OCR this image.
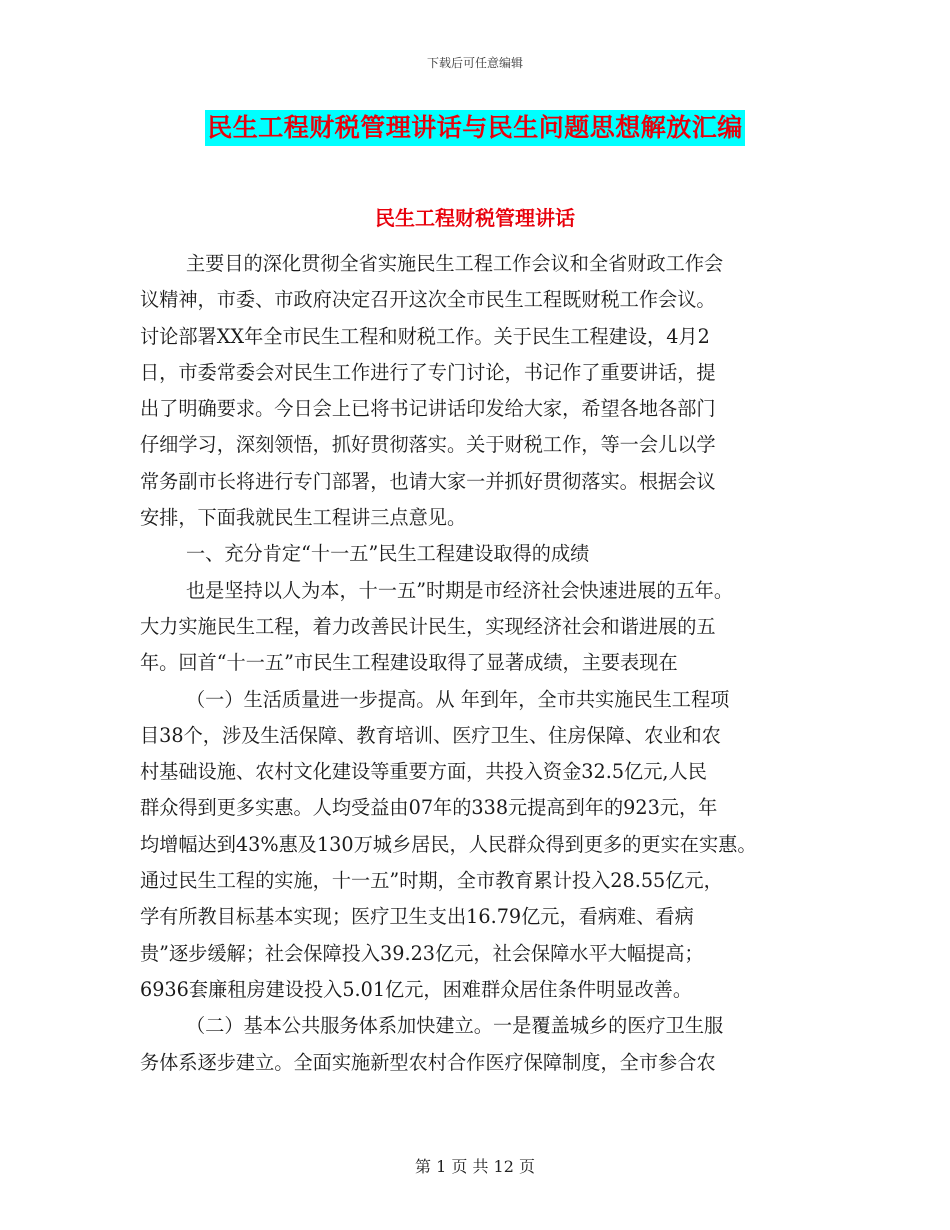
下载后可任意编辑
民生工程财税管理讲话与民生问题思想解放汇编
民生工程财税管理讲话
主要目的深化贯彻全省实施民生工程工作会议和全省财政工作会
议精神，市委、市政府决定召开这次全市民生工程既财税工作会议。
讨论部署XX年全市民生工程和财税工作。关于民生工程建设，4月2
日，市委常委会对民生工作进行了专门讨论，书记作了重要讲话，提
出了明确要求。今日会上已将书记讲话印发给大家，希望各地各部门
仔细学习，深刻领悟，抓好贯彻落实。关于财税工作，等一会儿以学
常务副市长将进行专门部署，也请大家一并抓好贯彻落实。根据会议
安排，下面我就民生工程讲三点意见。
一、充分肯定“十一五”民生工程建设取得的成绩
也是坚持以人为本，十一五”时期是市经济社会快速进展的五年。
大力实施民生工程，着力改善民计民生，实现经济社会和谐进展的五
年。回首“十一五”市民生工程建设取得了显著成绩，主要表现在
（一）生活质量进一步提高。从 年到年，全市共实施民生工程项
目38个，涉及生活保障、教育培训、医疗卫生、住房保障、农业和农
村基础设施、农村文化建设等重要方面，共投入资金32.5亿元,人民
群众得到更多实惠。人均受益由07年的338元提高到年的923元，年
均增幅达到43%惠及130万城乡居民，人民群众得到更多的更实在实惠。
通过民生工程的实施，十一五”时期，全市教育累计投入28.55亿元，
学有所教目标基本实现；医疗卫生支出16.79亿元，看病难、看病
贵”逐步缓解；社会保障投入39.23亿元，社会保障水平大幅提高；
6936套廉租房建设投入5.01亿元，困难群众居住条件明显改善。
（二）基本公共服务体系加快建立。一是覆盖城乡的医疗卫生服
务体系逐步建立。全面实施新型农村合作医疗保障制度，全市参合农
第 1 页 共 12 页
